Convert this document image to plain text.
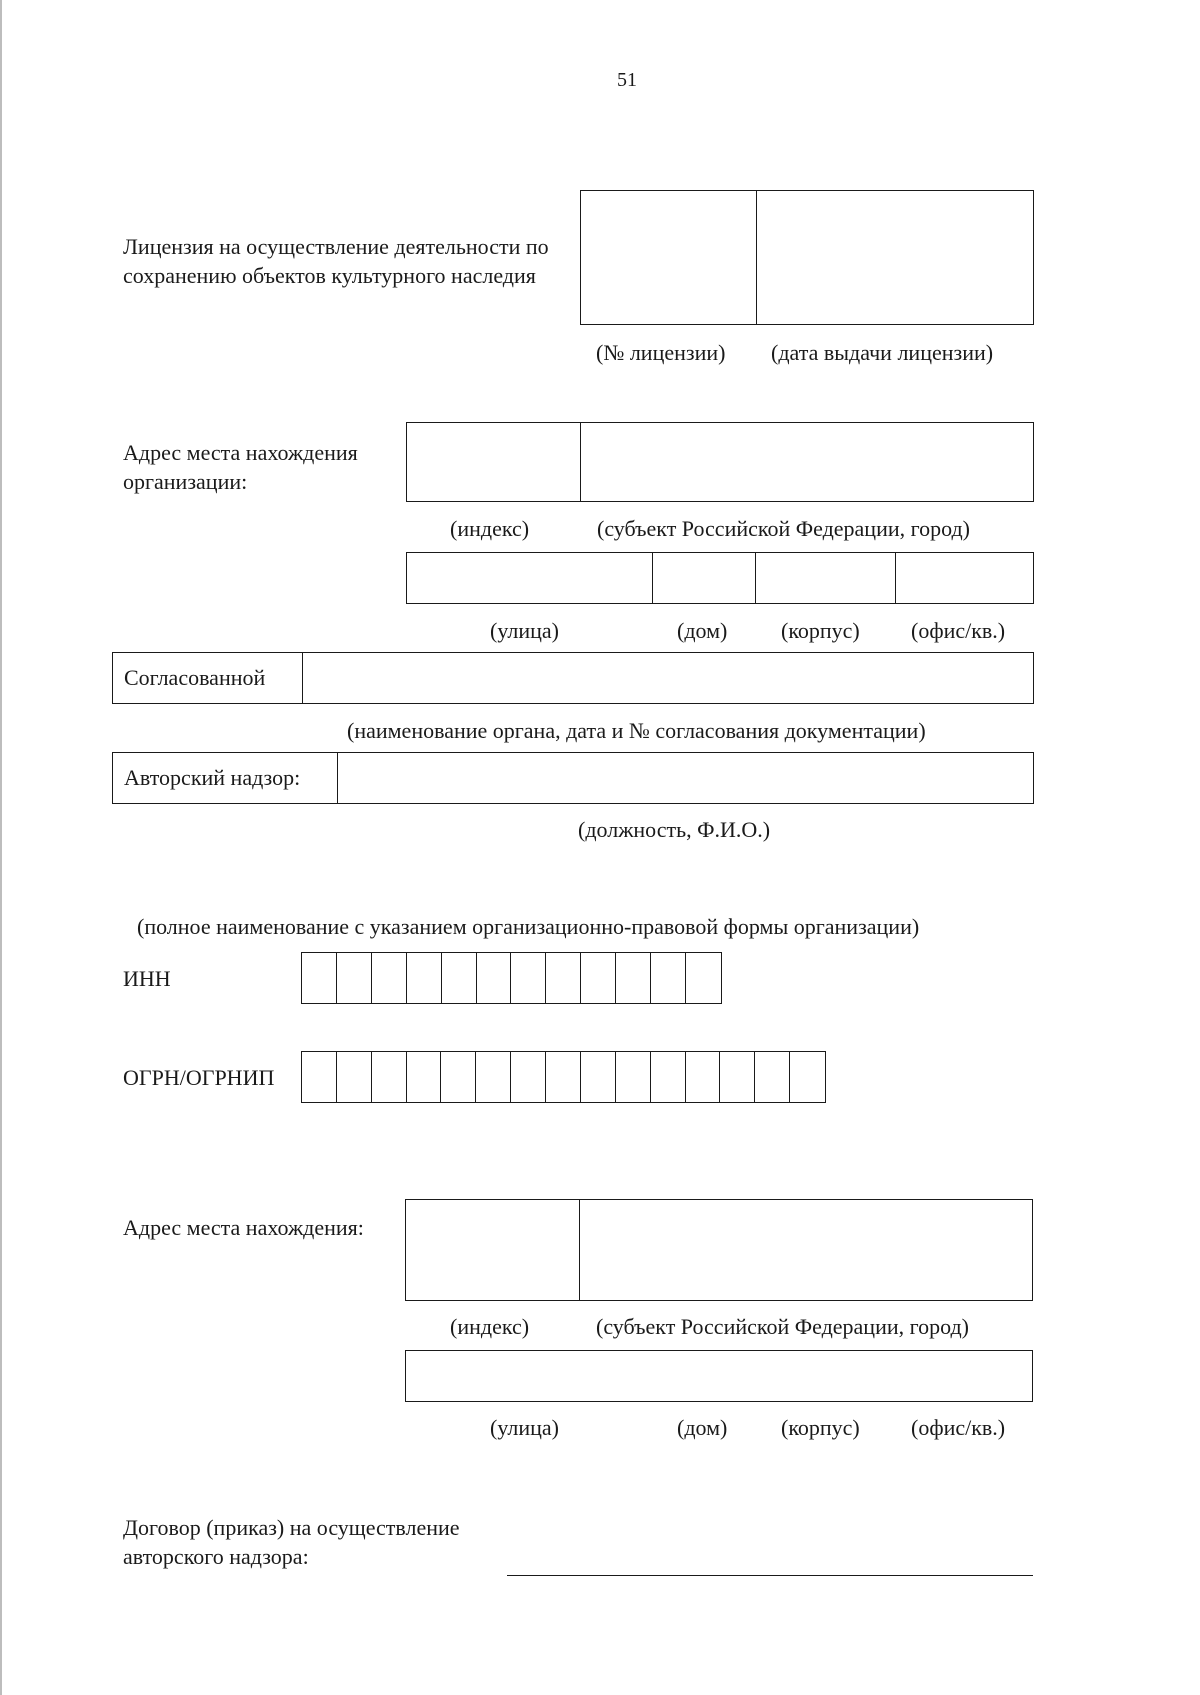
51
Лицензия на осуществление деятельности по сохранению объектов культурного наследия
(№ лицензии) (дата выдачи лицензии)
Адрес места нахождения организации:
(индекс)	(субъект Российской Федерации, город)
(улица)	(дом) (корпус) (офис/кв.)
Согласованной
(наименование органа, дата и № согласования документации)
Авторский надзор:
(должность, Ф.И.О.)
(полное наименование с указанием организационно-правовой формы организации)
ИНН
ОГРН/ОГРНИП
Адрес места нахождения:
(индекс)	(субъект Российской Федерации, город)
(улица)	(дом) (корпус) (офис/кв.)
Договор (приказ) на осуществление авторского надзора:
